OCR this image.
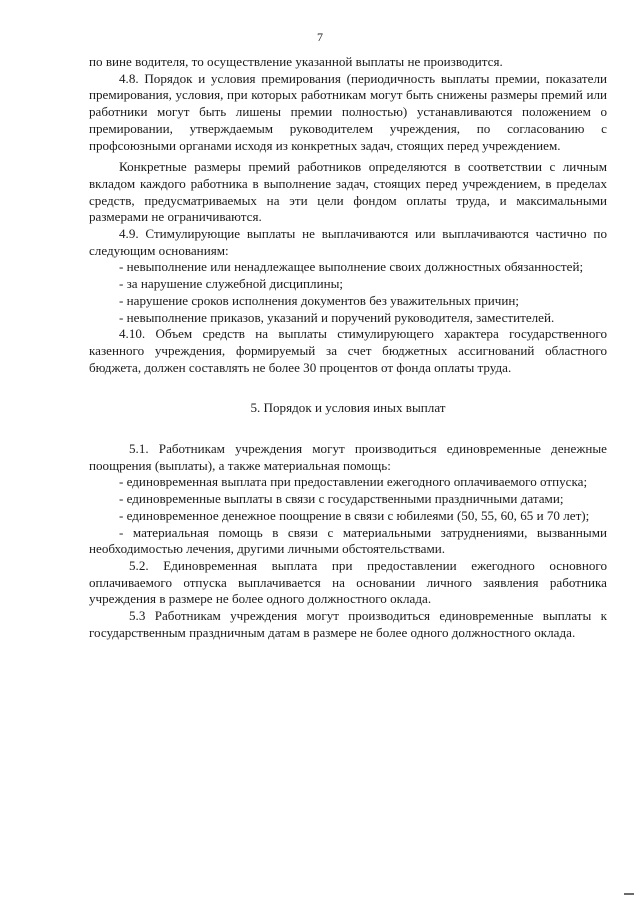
7

по вине водителя, то осуществление указанной выплаты не производится.

4.8. Порядок и условия премирования (периодичность выплаты премии, показатели премирования, условия, при которых работникам могут быть снижены размеры премий или работники могут быть лишены премии полностью) устанавливаются положением о премировании, утверждаемым руководителем учреждения, по согласованию с профсоюзными органами исходя из конкретных задач, стоящих перед учреждением.

Конкретные размеры премий работников определяются в соответствии с личным вкладом каждого работника в выполнение задач, стоящих перед учреждением, в пределах средств, предусматриваемых на эти цели фондом оплаты труда, и максимальными размерами не ограничиваются.

4.9. Стимулирующие выплаты не выплачиваются или выплачиваются частично по следующим основаниям:

- невыполнение или ненадлежащее выполнение своих должностных обязанностей;

- за нарушение служебной дисциплины;

- нарушение сроков исполнения документов без уважительных причин;

- невыполнение приказов, указаний и поручений руководителя, заместителей.

4.10. Объем средств на выплаты стимулирующего характера государственного казенного учреждения, формируемый за счет бюджетных ассигнований областного бюджета, должен составлять не более 30 процентов от фонда оплаты труда.

5. Порядок и условия иных выплат

5.1. Работникам учреждения могут производиться единовременные денежные поощрения (выплаты), а также материальная помощь:

- единовременная выплата при предоставлении ежегодного оплачиваемого отпуска;

- единовременные выплаты в связи с государственными праздничными датами;

- единовременное денежное поощрение в связи с юбилеями (50, 55, 60, 65 и 70 лет);

- материальная помощь в связи с материальными затруднениями, вызванными необходимостью лечения, другими личными обстоятельствами.

5.2. Единовременная выплата при предоставлении ежегодного основного оплачиваемого отпуска выплачивается на основании личного заявления работника учреждения в размере не более одного должностного оклада.

5.3 Работникам учреждения могут производиться единовременные выплаты к государственным праздничным датам в размере не более одного должностного оклада.
